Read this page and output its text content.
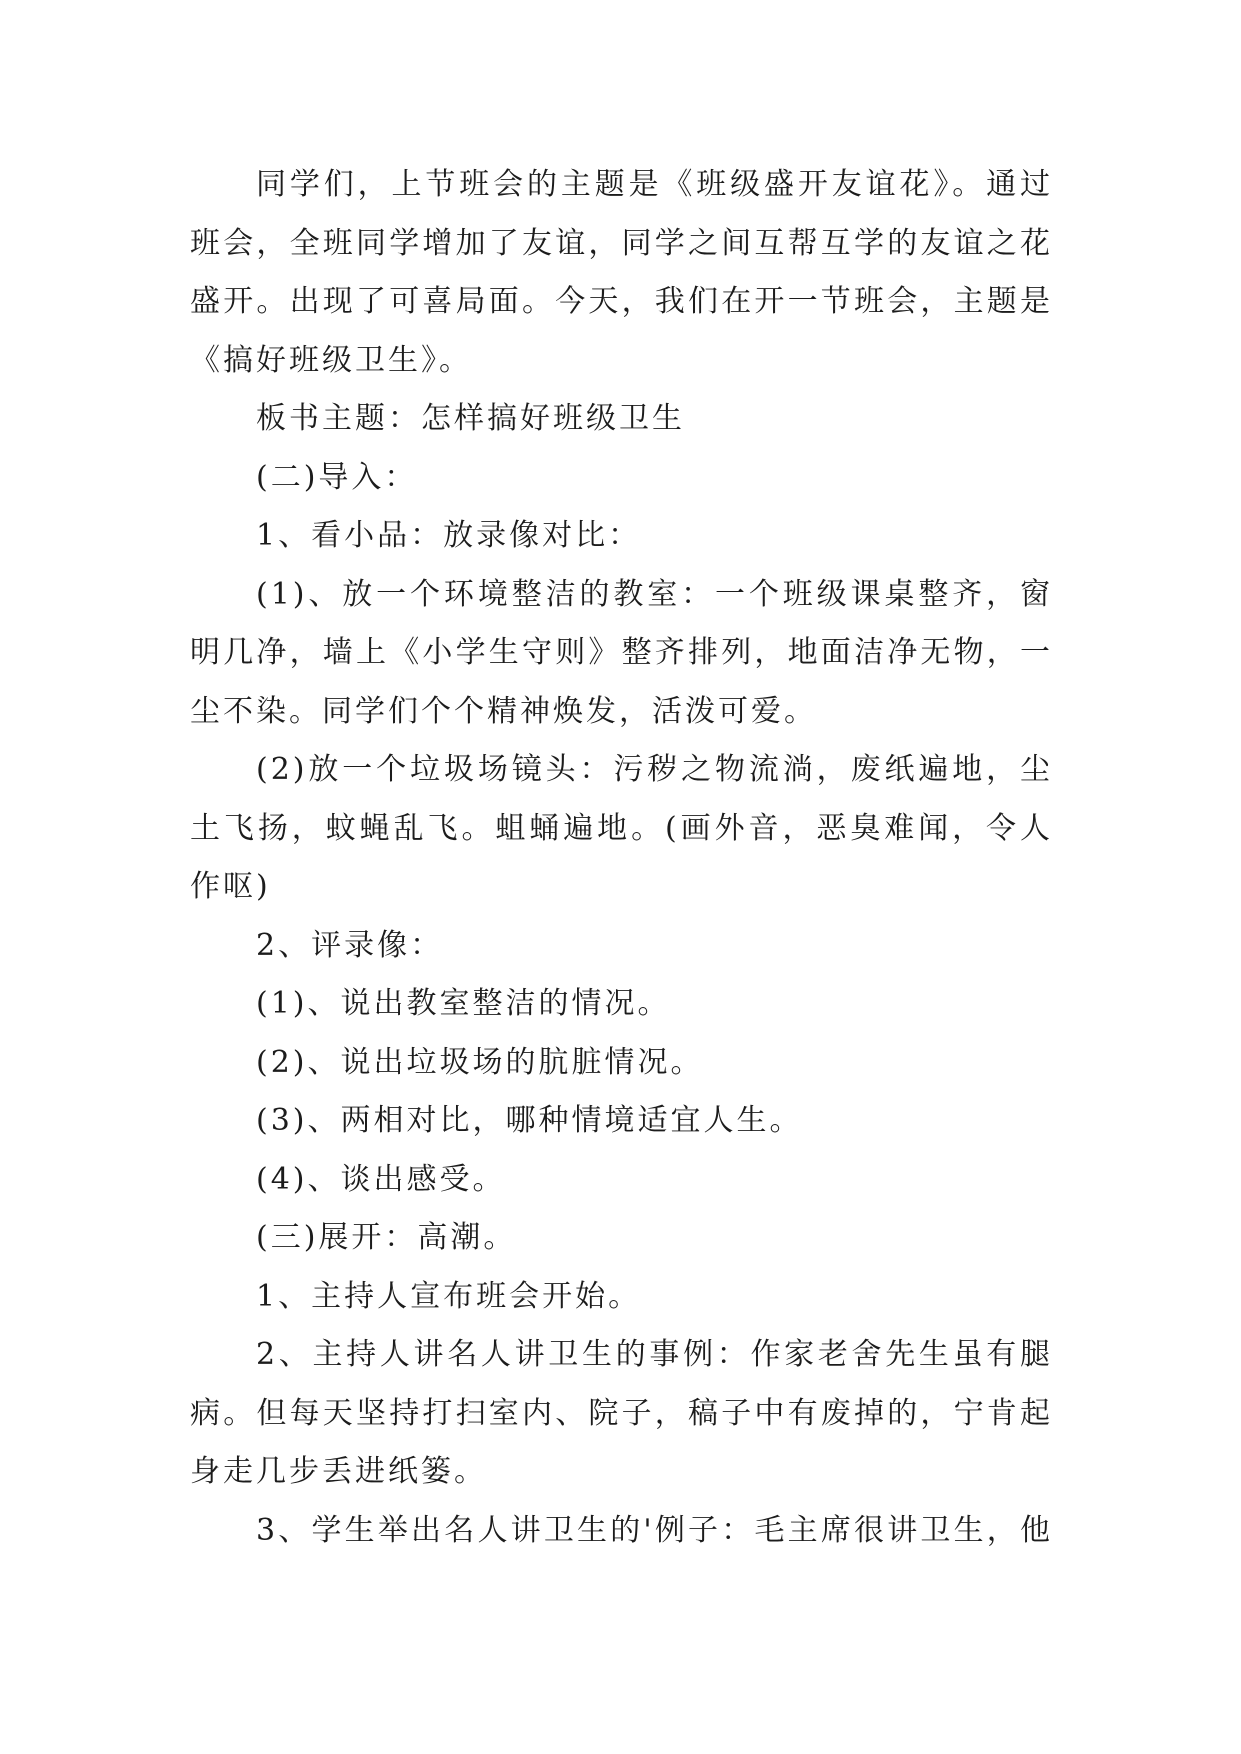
同学们，上节班会的主题是《班级盛开友谊花》。通过
班会，全班同学增加了友谊，同学之间互帮互学的友谊之花
盛开。出现了可喜局面。今天，我们在开一节班会，主题是
《搞好班级卫生》。
板书主题：怎样搞好班级卫生
(二)导入：
1、看小品：放录像对比：
(1)、放一个环境整洁的教室：一个班级课桌整齐，窗
明几净，墙上《小学生守则》整齐排列，地面洁净无物，一
尘不染。同学们个个精神焕发，活泼可爱。
(2)放一个垃圾场镜头：污秽之物流淌，废纸遍地，尘
土飞扬，蚊蝇乱飞。蛆蛹遍地。(画外音，恶臭难闻，令人
作呕)
2、评录像：
(1)、说出教室整洁的情况。
(2)、说出垃圾场的肮脏情况。
(3)、两相对比，哪种情境适宜人生。
(4)、谈出感受。
(三)展开：高潮。
1、主持人宣布班会开始。
2、主持人讲名人讲卫生的事例：作家老舍先生虽有腿
病。但每天坚持打扫室内、院子，稿子中有废掉的，宁肯起
身走几步丢进纸篓。
3、学生举出名人讲卫生的'例子：毛主席很讲卫生，他
